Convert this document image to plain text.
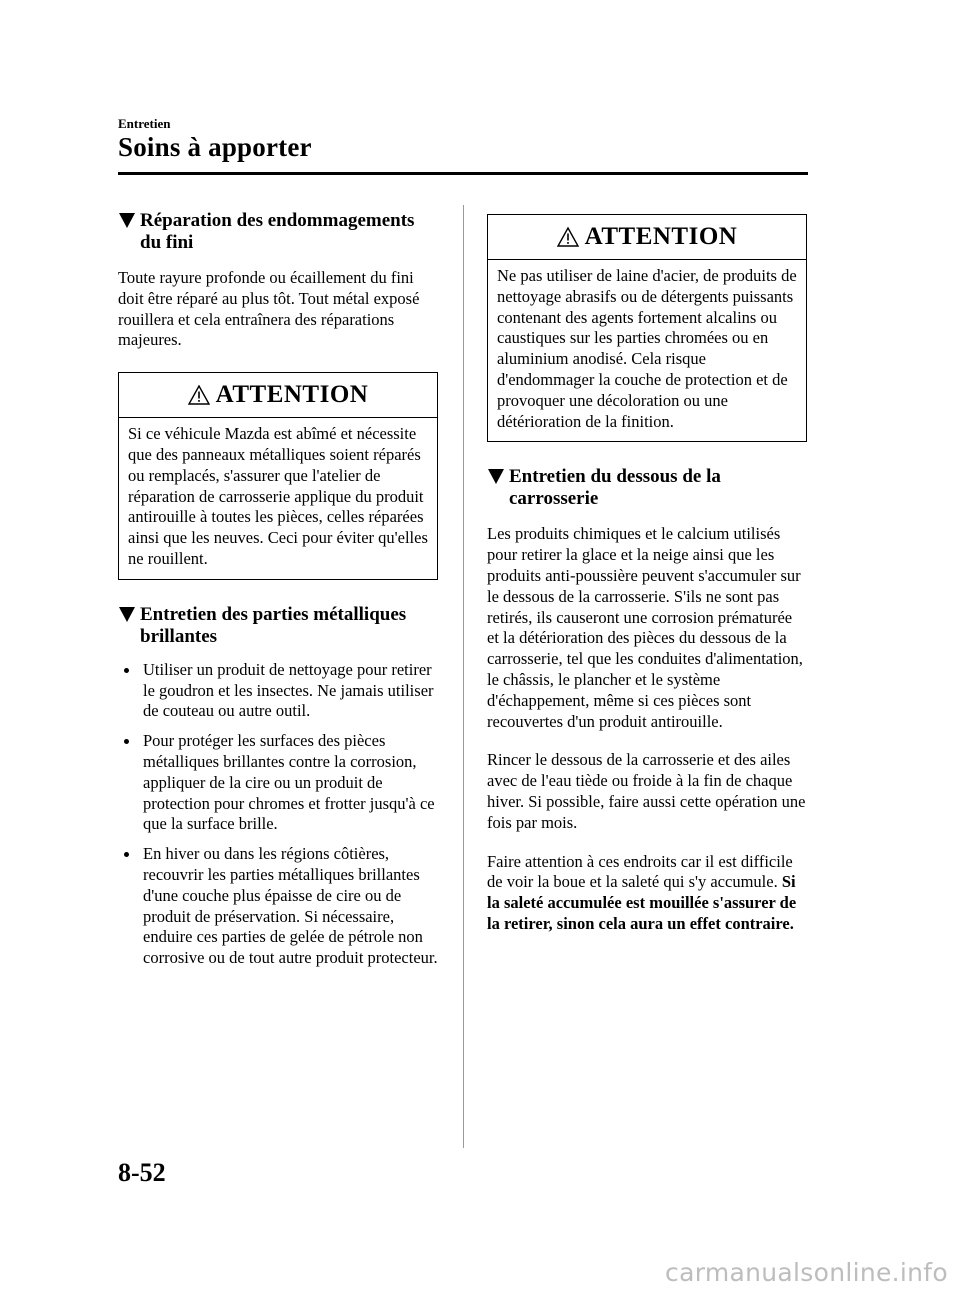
Entretien
Soins à apporter
Réparation des endommagements
du fini

Toute rayure profonde ou écaillement du fini doit être réparé au plus tôt. Tout métal exposé rouillera et cela entraînera des réparations majeures.

ATTENTION

Si ce véhicule Mazda est abîmé et nécessite que des panneaux métalliques soient réparés ou remplacés, s'assurer que l'atelier de réparation de carrosserie applique du produit antirouille à toutes les pièces, celles réparées ainsi que les neuves. Ceci pour éviter qu'elles ne rouillent.

Entretien des parties métalliques
brillantes
Utiliser un produit de nettoyage pour retirer le goudron et les insectes. Ne jamais utiliser de couteau ou autre outil.
Pour protéger les surfaces des pièces métalliques brillantes contre la corrosion, appliquer de la cire ou un produit de protection pour chromes et frotter jusqu'à ce que la surface brille.
En hiver ou dans les régions côtières, recouvrir les parties métalliques brillantes d'une couche plus épaisse de cire ou de produit de préservation. Si nécessaire, enduire ces parties de gelée de pétrole non corrosive ou de tout autre produit protecteur.
ATTENTION

Ne pas utiliser de laine d'acier, de produits de nettoyage abrasifs ou de détergents puissants contenant des agents fortement alcalins ou caustiques sur les parties chromées ou en aluminium anodisé. Cela risque d'endommager la couche de protection et de provoquer une décoloration ou une détérioration de la finition.

Entretien du dessous de la
carrosserie

Les produits chimiques et le calcium utilisés pour retirer la glace et la neige ainsi que les produits anti-poussière peuvent s'accumuler sur le dessous de la carrosserie. S'ils ne sont pas retirés, ils causeront une corrosion prématurée et la détérioration des pièces du dessous de la carrosserie, tel que les conduites d'alimentation, le châssis, le plancher et le système d'échappement, même si ces pièces sont recouvertes d'un produit antirouille.

Rincer le dessous de la carrosserie et des ailes avec de l'eau tiède ou froide à la fin de chaque hiver. Si possible, faire aussi cette opération une fois par mois.

Faire attention à ces endroits car il est difficile de voir la boue et la saleté qui s'y accumule. Si la saleté accumulée est mouillée s'assurer de la retirer, sinon cela aura un effet contraire.

8-52
carmanualsonline.info
